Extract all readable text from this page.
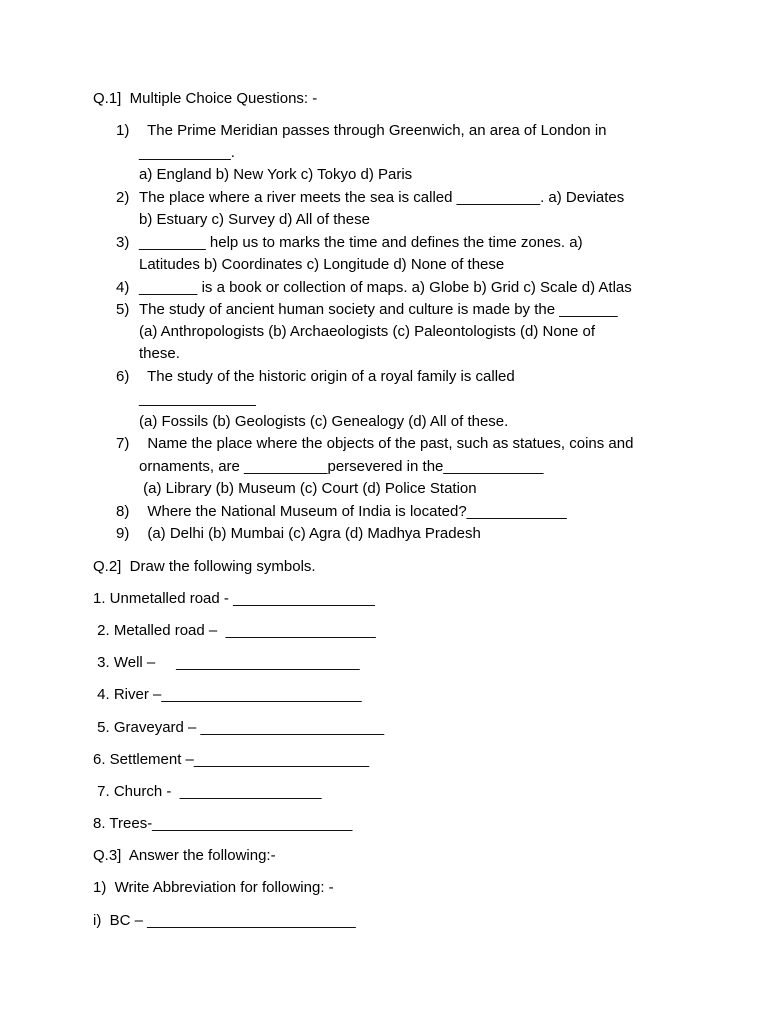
Q.1]  Multiple Choice Questions: -
1) The Prime Meridian passes through Greenwich, an area of London in
___________.
a) England b) New York c) Tokyo d) Paris
2) The place where a river meets the sea is called __________. a) Deviates
b) Estuary c) Survey d) All of these
3) ________ help us to marks the time and defines the time zones. a)
Latitudes b) Coordinates c) Longitude d) None of these
4) _______ is a book or collection of maps. a) Globe b) Grid c) Scale d) Atlas
5) The study of ancient human society and culture is made by the _______
(a) Anthropologists (b) Archaeologists (c) Paleontologists (d) None of
these.
6) The study of the historic origin of a royal family is called
______________
(a) Fossils (b) Geologists (c) Genealogy (d) All of these.
7) Name the place where the objects of the past, such as statues, coins and
ornaments, are __________persevered in the____________
(a) Library (b) Museum (c) Court (d) Police Station
8) Where the National Museum of India is located?____________
9) (a) Delhi (b) Mumbai (c) Agra (d) Madhya Pradesh
Q.2]  Draw the following symbols.
1. Unmetalled road - _________________
2. Metalled road –  __________________
3. Well –     ______________________
4. River –________________________
5. Graveyard – ______________________
6. Settlement –_____________________
7. Church -  _________________
8. Trees-________________________
Q.3]  Answer the following:-
1)  Write Abbreviation for following: -
i)  BC – _________________________
